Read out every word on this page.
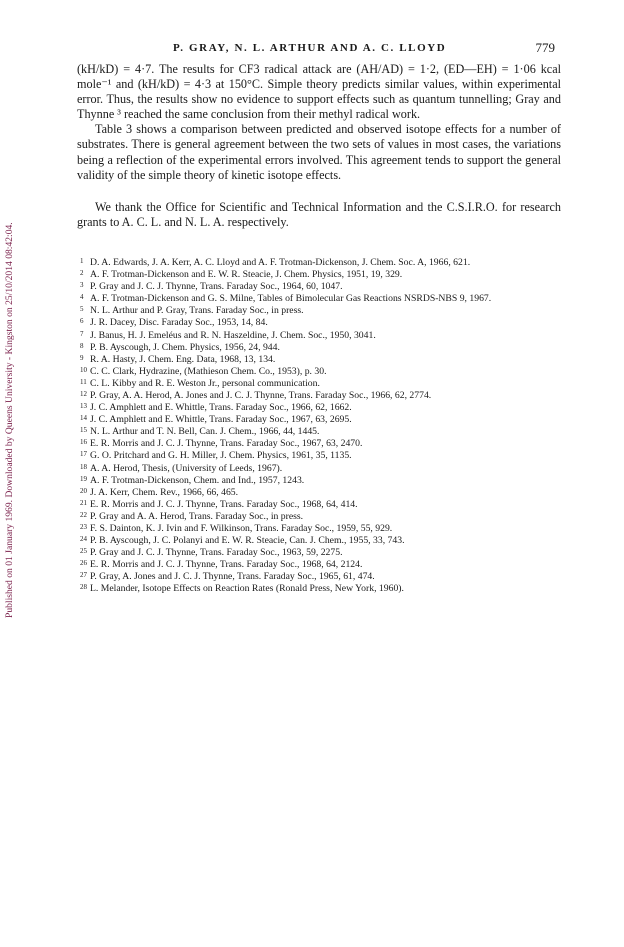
Published on 01 January 1969. Downloaded by Queens University - Kingston on 25/10/2014 08:42:04.
P. GRAY, N. L. ARTHUR AND A. C. LLOYD	779

(kH/kD) = 4·7. The results for CF3 radical attack are (AH/AD) = 1·2, (ED—EH) = 1·06 kcal mole⁻¹ and (kH/kD) = 4·3 at 150°C. Simple theory predicts similar values, within experimental error. Thus, the results show no evidence to support effects such as quantum tunnelling; Gray and Thynne ³ reached the same conclusion from their methyl radical work.

Table 3 shows a comparison between predicted and observed isotope effects for a number of substrates. There is general agreement between the two sets of values in most cases, the variations being a reflection of the experimental errors involved. This agreement tends to support the general validity of the simple theory of kinetic isotope effects.

We thank the Office for Scientific and Technical Information and the C.S.I.R.O. for research grants to A. C. L. and N. L. A. respectively.

1 D. A. Edwards, J. A. Kerr, A. C. Lloyd and A. F. Trotman-Dickenson, J. Chem. Soc. A, 1966, 621.
2 A. F. Trotman-Dickenson and E. W. R. Steacie, J. Chem. Physics, 1951, 19, 329.
3 P. Gray and J. C. J. Thynne, Trans. Faraday Soc., 1964, 60, 1047.
4 A. F. Trotman-Dickenson and G. S. Milne, Tables of Bimolecular Gas Reactions NSRDS-NBS 9, 1967.
5 N. L. Arthur and P. Gray, Trans. Faraday Soc., in press.
6 J. R. Dacey, Disc. Faraday Soc., 1953, 14, 84.
7 J. Banus, H. J. Emeléus and R. N. Haszeldine, J. Chem. Soc., 1950, 3041.
8 P. B. Ayscough, J. Chem. Physics, 1956, 24, 944.
9 R. A. Hasty, J. Chem. Eng. Data, 1968, 13, 134.
10 C. C. Clark, Hydrazine, (Mathieson Chem. Co., 1953), p. 30.
11 C. L. Kibby and R. E. Weston Jr., personal communication.
12 P. Gray, A. A. Herod, A. Jones and J. C. J. Thynne, Trans. Faraday Soc., 1966, 62, 2774.
13 J. C. Amphlett and E. Whittle, Trans. Faraday Soc., 1966, 62, 1662.
14 J. C. Amphlett and E. Whittle, Trans. Faraday Soc., 1967, 63, 2695.
15 N. L. Arthur and T. N. Bell, Can. J. Chem., 1966, 44, 1445.
16 E. R. Morris and J. C. J. Thynne, Trans. Faraday Soc., 1967, 63, 2470.
17 G. O. Pritchard and G. H. Miller, J. Chem. Physics, 1961, 35, 1135.
18 A. A. Herod, Thesis, (University of Leeds, 1967).
19 A. F. Trotman-Dickenson, Chem. and Ind., 1957, 1243.
20 J. A. Kerr, Chem. Rev., 1966, 66, 465.
21 E. R. Morris and J. C. J. Thynne, Trans. Faraday Soc., 1968, 64, 414.
22 P. Gray and A. A. Herod, Trans. Faraday Soc., in press.
23 F. S. Dainton, K. J. Ivin and F. Wilkinson, Trans. Faraday Soc., 1959, 55, 929.
24 P. B. Ayscough, J. C. Polanyi and E. W. R. Steacie, Can. J. Chem., 1955, 33, 743.
25 P. Gray and J. C. J. Thynne, Trans. Faraday Soc., 1963, 59, 2275.
26 E. R. Morris and J. C. J. Thynne, Trans. Faraday Soc., 1968, 64, 2124.
27 P. Gray, A. Jones and J. C. J. Thynne, Trans. Faraday Soc., 1965, 61, 474.
28 L. Melander, Isotope Effects on Reaction Rates (Ronald Press, New York, 1960).
